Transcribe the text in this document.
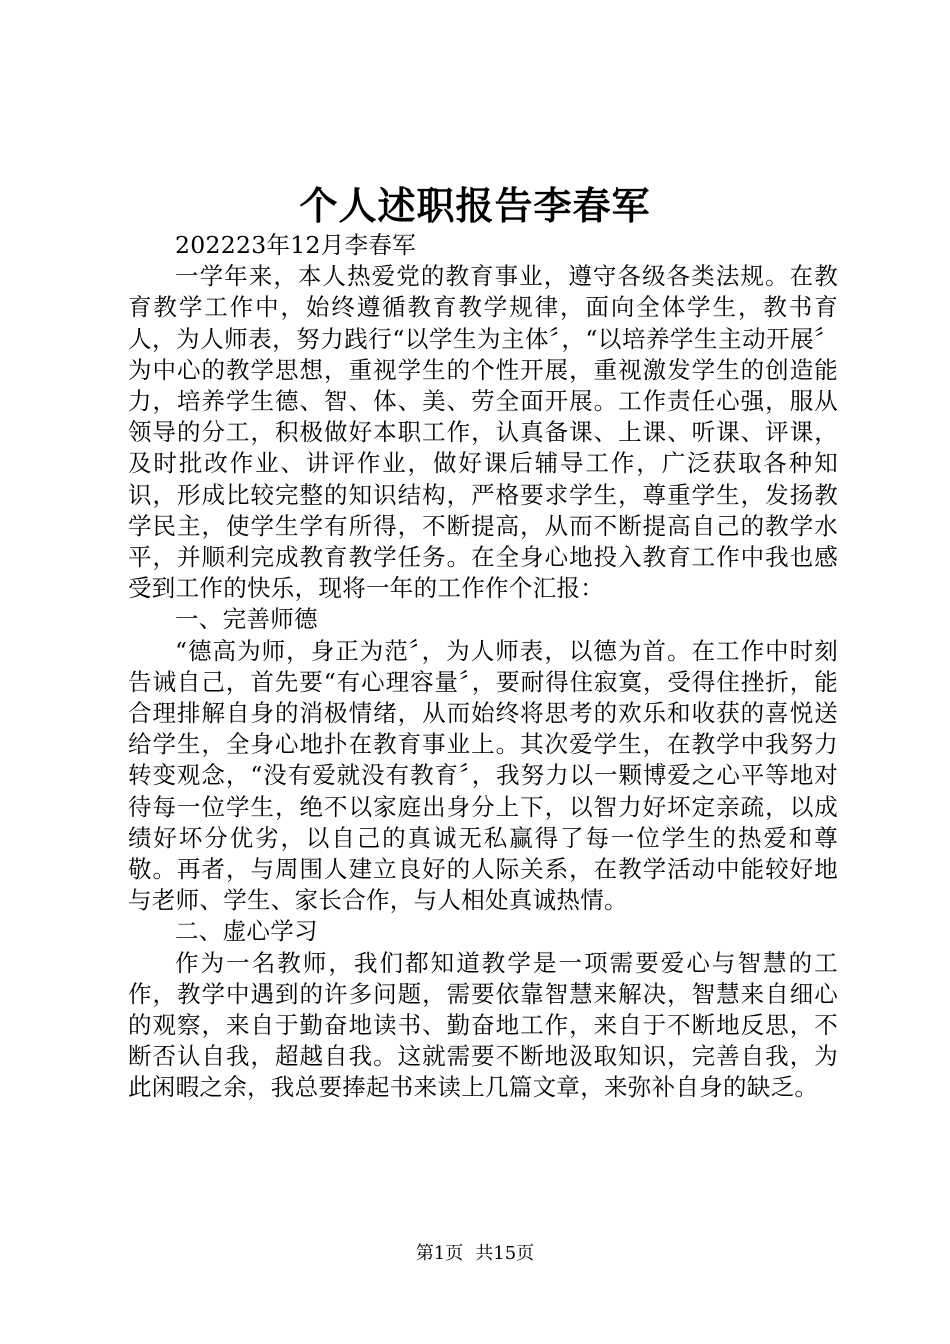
个人述职报告李春军

202223年12月李春军

一学年来，本人热爱党的教育事业，遵守各级各类法规。在教育教学工作中，始终遵循教育教学规律，面向全体学生，教书育人，为人师表，努力践行“以学生为主体〞，“以培养学生主动开展〞为中心的教学思想，重视学生的个性开展，重视激发学生的创造能力，培养学生德、智、体、美、劳全面开展。工作责任心强，服从领导的分工，积极做好本职工作，认真备课、上课、听课、评课，及时批改作业、讲评作业，做好课后辅导工作，广泛获取各种知识，形成比较完整的知识结构，严格要求学生，尊重学生，发扬教学民主，使学生学有所得，不断提高，从而不断提高自己的教学水平，并顺利完成教育教学任务。在全身心地投入教育工作中我也感受到工作的快乐，现将一年的工作作个汇报：

一、完善师德

“德高为师，身正为范〞，为人师表，以德为首。在工作中时刻告诫自己，首先要“有心理容量〞，要耐得住寂寞，受得住挫折，能合理排解自身的消极情绪，从而始终将思考的欢乐和收获的喜悦送给学生，全身心地扑在教育事业上。其次爱学生，在教学中我努力转变观念，“没有爱就没有教育〞，我努力以一颗博爱之心平等地对待每一位学生，绝不以家庭出身分上下，以智力好坏定亲疏，以成绩好坏分优劣，以自己的真诚无私赢得了每一位学生的热爱和尊敬。再者，与周围人建立良好的人际关系，在教学活动中能较好地与老师、学生、家长合作，与人相处真诚热情。

二、虚心学习

作为一名教师，我们都知道教学是一项需要爱心与智慧的工作，教学中遇到的许多问题，需要依靠智慧来解决，智慧来自细心的观察，来自于勤奋地读书、勤奋地工作，来自于不断地反思，不断否认自我，超越自我。这就需要不断地汲取知识，完善自我，为此闲暇之余，我总要捧起书来读上几篇文章，来弥补自身的缺乏。

第1页 共15页
